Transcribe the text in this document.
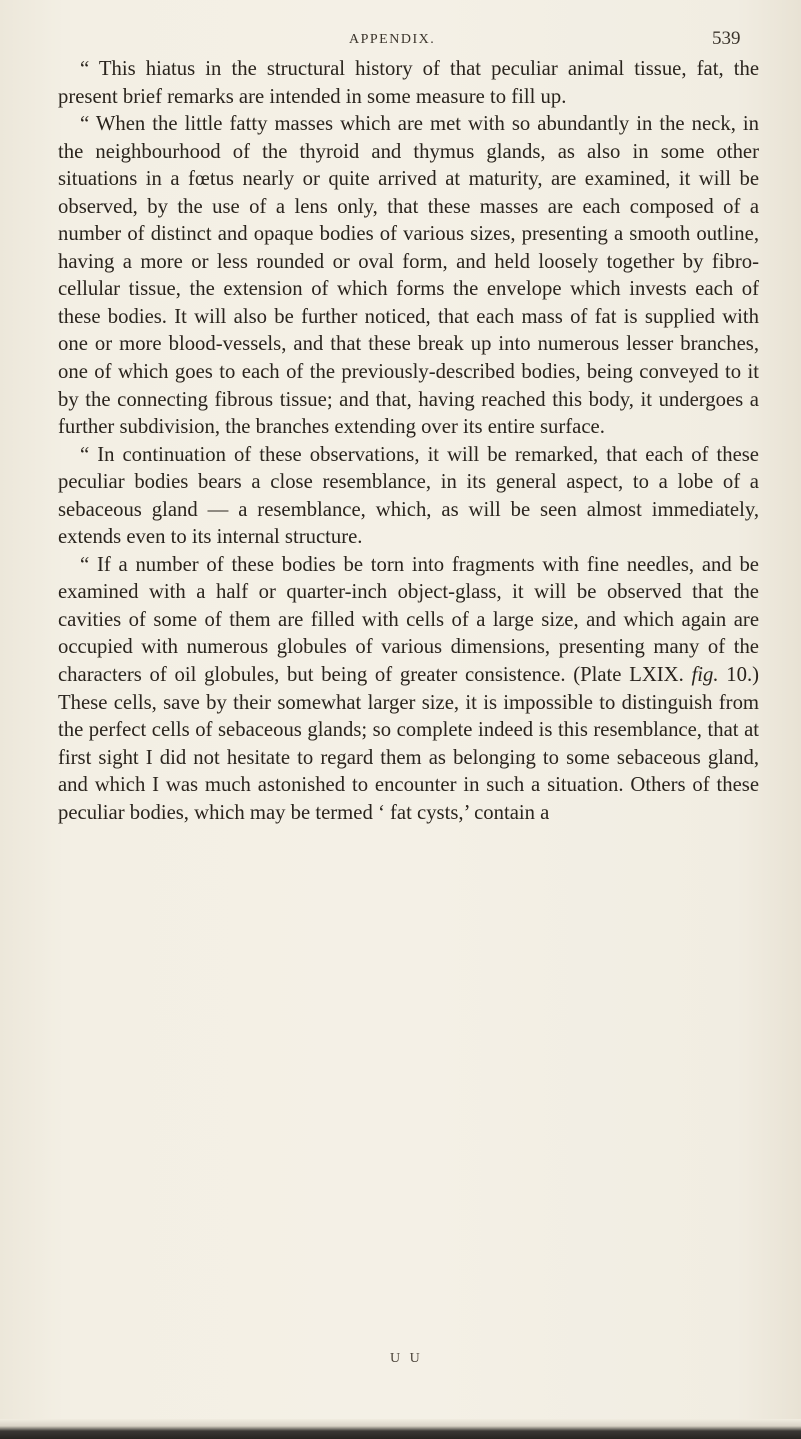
APPENDIX.	539

“ This hiatus in the structural history of that peculiar animal tissue, fat, the present brief remarks are intended in some measure to fill up.

“ When the little fatty masses which are met with so abundantly in the neck, in the neighbourhood of the thyroid and thymus glands, as also in some other situations in a fœtus nearly or quite arrived at maturity, are examined, it will be observed, by the use of a lens only, that these masses are each composed of a number of distinct and opaque bodies of various sizes, presenting a smooth outline, having a more or less rounded or oval form, and held loosely together by fibro-cellular tissue, the extension of which forms the envelope which invests each of these bodies. It will also be further noticed, that each mass of fat is supplied with one or more blood-vessels, and that these break up into numerous lesser branches, one of which goes to each of the previously-described bodies, being conveyed to it by the connecting fibrous tissue; and that, having reached this body, it undergoes a further subdivision, the branches extending over its entire surface.

“ In continuation of these observations, it will be remarked, that each of these peculiar bodies bears a close resemblance, in its general aspect, to a lobe of a sebaceous gland — a resemblance, which, as will be seen almost immediately, extends even to its internal structure.

“ If a number of these bodies be torn into fragments with fine needles, and be examined with a half or quarter-inch object-glass, it will be observed that the cavities of some of them are filled with cells of a large size, and which again are occupied with numerous globules of various dimensions, presenting many of the characters of oil globules, but being of greater consistence. (Plate LXIX. fig. 10.) These cells, save by their somewhat larger size, it is impossible to distinguish from the perfect cells of sebaceous glands; so complete indeed is this resemblance, that at first sight I did not hesitate to regard them as belonging to some sebaceous gland, and which I was much astonished to encounter in such a situation. Others of these peculiar bodies, which may be termed ‘ fat cysts,’ contain a

U U
